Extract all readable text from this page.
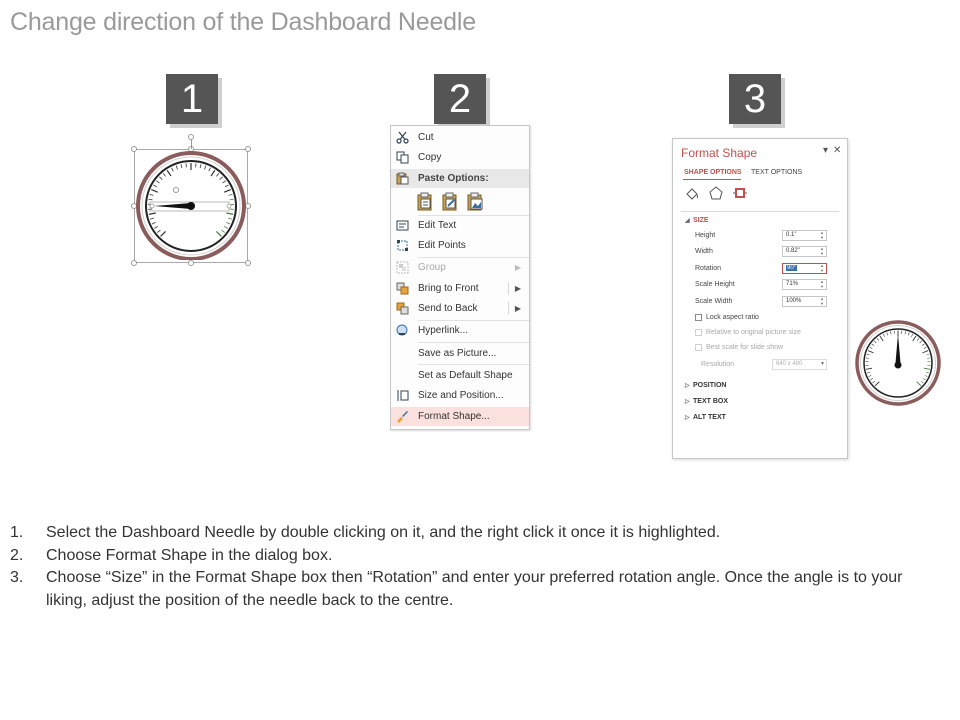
Change direction of the Dashboard Needle
1	2	3
Cut
Copy
Paste Options:
Edit Text
Edit Points
Group	▶
Bring to Front	▶
Send to Back	▶
Hyperlink...
Save as Picture...
Set as Default Shape
Size and Position...
Format Shape...
Format Shape	▾ ✕
SHAPE OPTIONS TEXT OPTIONS
◢ SIZE
Height	0.1"	▲
▼
Width	0.82"	▲
▼
Rotation	90°	▲
▼
Scale Height	71%	▲
▼
Scale Width	100%	▲
▼
Lock aspect ratio
Relative to original picture size
Best scale for slide show
Resolution	640 x 480	▾
▷ POSITION
▷ TEXT BOX
▷ ALT TEXT
1. Select the Dashboard Needle by double clicking on it, and the right click it once it is highlighted.
2. Choose Format Shape in the dialog box.
3. Choose “Size” in the Format Shape box then “Rotation” and enter your preferred rotation angle. Once the angle is to your liking, adjust the position of the needle back to the centre.
